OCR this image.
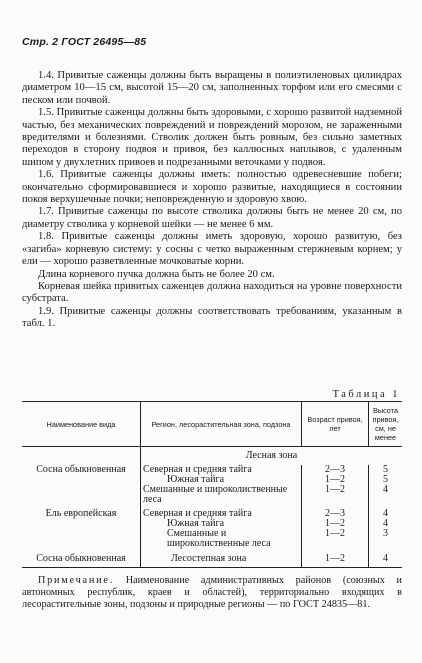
Стр. 2 ГОСТ 26495—85

1.4. Привитые саженцы должны быть выращены в полиэтиленовых цилиндрах диаметром 10—15 см, высотой 15—20 см, заполненных торфом или его смесями с песком или почвой.

1.5. Привитые саженцы должны быть здоровыми, с хорошо развитой надземной частью, без механических повреждений и повреждений морозом, не зараженными вредителями и болезнями. Стволик должен быть ровным, без сильно заметных переходов в сторону подвоя и привоя, без каллюсных наплывов, с удаленным шипом у двухлетних привоев и подрезанными веточками у подвоя.

1.6. Привитые саженцы должны иметь: полностью одревесневшие побеги; окончательно сформировавшиеся и хорошо развитые, находящиеся в состоянии покоя верхушечные почки; неповрежденную и здоровую хвою.

1.7. Привитые саженцы по высоте стволика должны быть не менее 20 см, по диаметру стволика у корневой шейки — не менее 6 мм.

1.8. Привитые саженцы должны иметь здоровую, хорошо развитую, без «загиба» корневую систему: у сосны с четко выраженным стержневым корнем; у ели — хорошо разветвленные мочковатые корни.

Длина корневого пучка должна быть не более 20 см.

Корневая шейка привитых саженцев должна находиться на уровне поверхности субстрата.

1.9. Привитые саженцы должны соответствовать требованиям, указанным в табл. 1.

Таблица 1
Наименование вида	Регион, лесорастительная зона, подзона	Возраст привоя, лет	Высота привоя, см, не менее
	Лесная зона		
Сосна обыкновенная	Северная и средняя тайга	2—3	5
	Южная тайга	1—2	5
	Смешанные и широколиственные леса	1—2	4
Ель европейская	Северная и средняя тайга	2—3	4
	Южная тайга	1—2	4
	Смешанные и широколиственные леса	1—2	3
Сосна обыкновенная	Лесостепная зона	1—2	4
Примечание. Наименование административных районов (союзных и автономных республик, краев и областей), территориально входящих в лесорастительные зоны, подзоны и природные регионы — по ГОСТ 24835—81.
